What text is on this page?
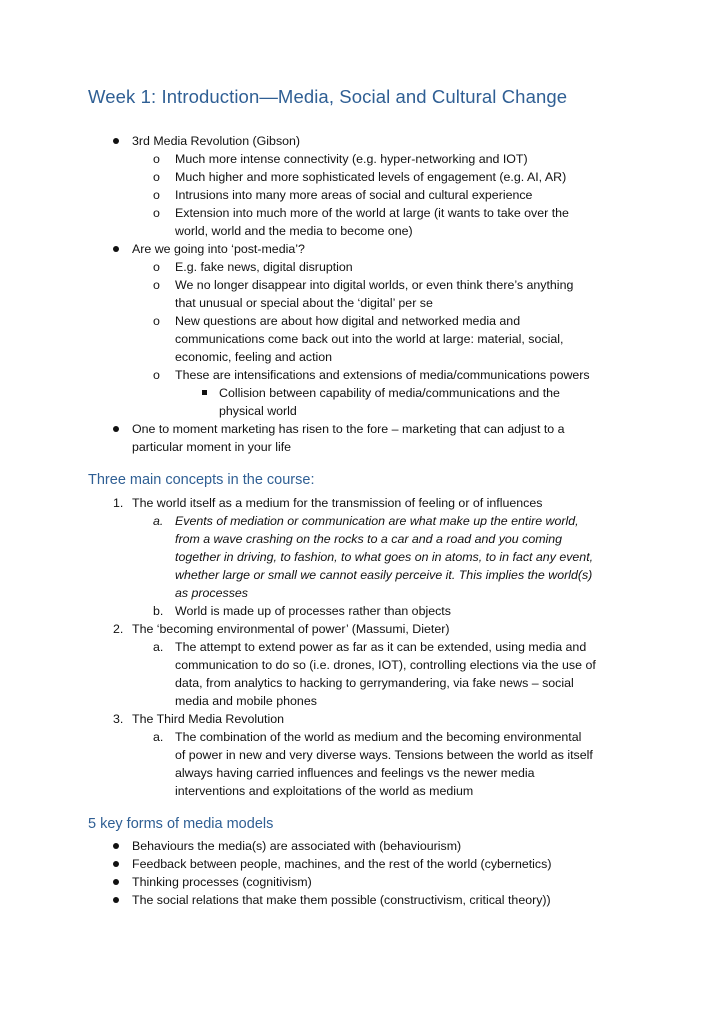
Week 1: Introduction—Media, Social and Cultural Change
3rd Media Revolution (Gibson)
o Much more intense connectivity (e.g. hyper-networking and IOT)
o Much higher and more sophisticated levels of engagement (e.g. AI, AR)
o Intrusions into many more areas of social and cultural experience
o Extension into much more of the world at large (it wants to take over the
world, world and the media to become one)
Are we going into ‘post-media’?
o E.g. fake news, digital disruption
o We no longer disappear into digital worlds, or even think there’s anything
that unusual or special about the ‘digital’ per se
o New questions are about how digital and networked media and
communications come back out into the world at large: material, social,
economic, feeling and action
o These are intensifications and extensions of media/communications powers
Collision between capability of media/communications and the
physical world
One to moment marketing has risen to the fore – marketing that can adjust to a
particular moment in your life
Three main concepts in the course:
1. The world itself as a medium for the transmission of feeling or of influences
a. Events of mediation or communication are what make up the entire world,
from a wave crashing on the rocks to a car and a road and you coming
together in driving, to fashion, to what goes on in atoms, to in fact any event,
whether large or small we cannot easily perceive it. This implies the world(s)
as processes
b. World is made up of processes rather than objects
2. The ‘becoming environmental of power’ (Massumi, Dieter)
a. The attempt to extend power as far as it can be extended, using media and
communication to do so (i.e. drones, IOT), controlling elections via the use of
data, from analytics to hacking to gerrymandering, via fake news – social
media and mobile phones
3. The Third Media Revolution
a. The combination of the world as medium and the becoming environmental
of power in new and very diverse ways. Tensions between the world as itself
always having carried influences and feelings vs the newer media
interventions and exploitations of the world as medium
5 key forms of media models
Behaviours the media(s) are associated with (behaviourism)
Feedback between people, machines, and the rest of the world (cybernetics)
Thinking processes (cognitivism)
The social relations that make them possible (constructivism, critical theory))
